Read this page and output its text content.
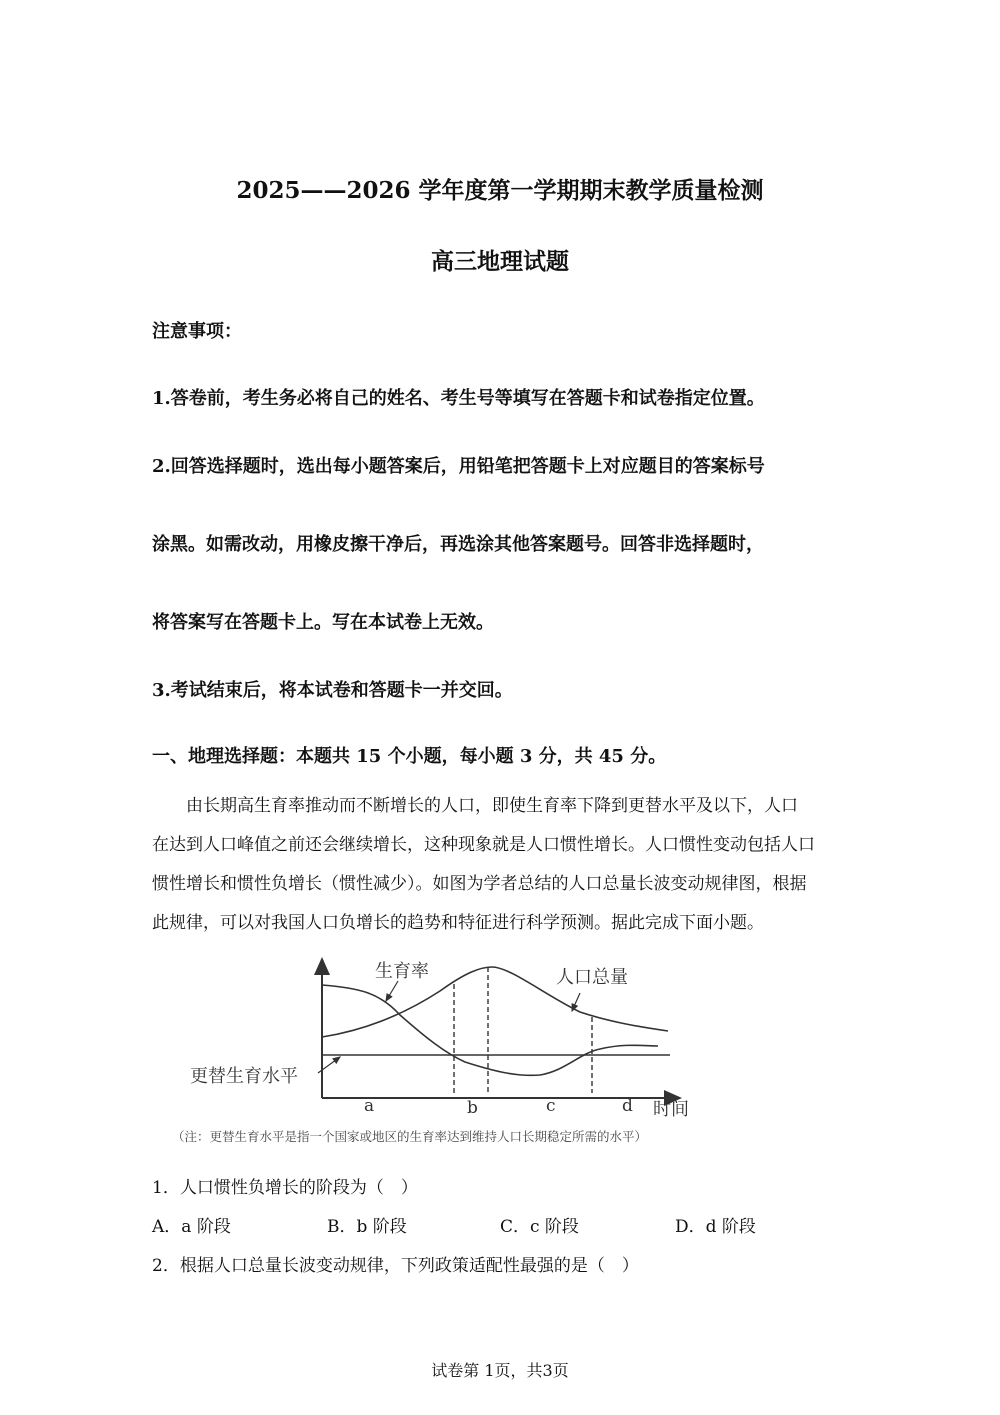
2025——2026 学年度第一学期期末教学质量检测
高三地理试题
注意事项：
1.答卷前，考生务必将自己的姓名、考生号等填写在答题卡和试卷指定位置。
2.回答选择题时，选出每小题答案后，用铅笔把答题卡上对应题目的答案标号
涂黑。如需改动，用橡皮擦干净后，再选涂其他答案题号。回答非选择题时，
将答案写在答题卡上。写在本试卷上无效。
3.考试结束后，将本试卷和答题卡一并交回。
一、地理选择题：本题共 15 个小题，每小题 3 分，共 45 分。
由长期高生育率推动而不断增长的人口，即使生育率下降到更替水平及以下，人口
在达到人口峰值之前还会继续增长，这种现象就是人口惯性增长。人口惯性变动包括人口
惯性增长和惯性负增长（惯性减少）。如图为学者总结的人口总量长波变动规律图，根据
此规律，可以对我国人口负增长的趋势和特征进行科学预测。据此完成下面小题。
生育率	人口总量
更替生育水平
a	b	c	d 时间
（注：更替生育水平是指一个国家或地区的生育率达到维持人口长期稳定所需的水平）
1．人口惯性负增长的阶段为（　）
A．a 阶段	B．b 阶段	C．c 阶段	D．d 阶段
2．根据人口总量长波变动规律，下列政策适配性最强的是（　）
试卷第 1页，共3页
